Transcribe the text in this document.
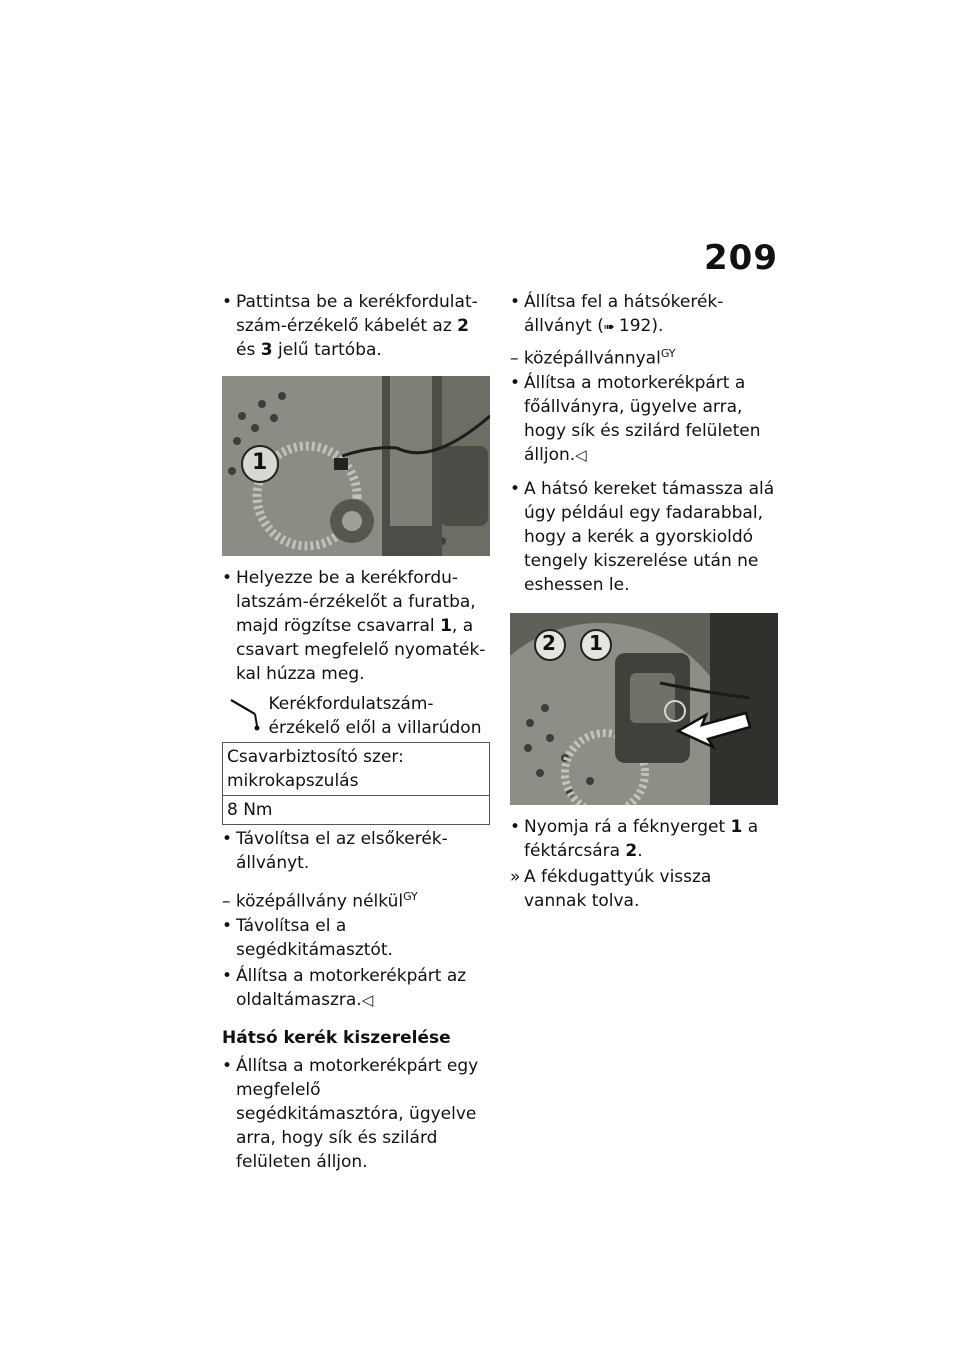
209
• Pattintsa be a kerékfordulat-
szám-érzékelő kábelét az 2
és 3 jelű tartóba.
1
• Helyezze be a kerékfordu-
latszám-érzékelőt a furatba,
majd rögzítse csavarral 1, a
csavart megfelelő nyomaték-
kal húzza meg.
Kerékfordulatszám-érzékelő elől a villarúdon

Csavarbiztosító szer: mikrokapszulás
8 Nm
• Távolítsa el az elsőkerék-állványt.
– középállvány nélkül$^{GY}$
• Távolítsa el a segédkitámasztót.
• Állítsa a motorkerékpárt az oldaltámaszra.◁
Hátsó kerék kiszerelése
• Állítsa a motorkerékpárt egy megfelelő segédkitámasztóra, ügyelve arra, hogy sík és szilárd felületen álljon.
• Állítsa fel a hátsókerék-állványt (➠ 192).
– középállvánnyal$^{GY}$
• Állítsa a motorkerékpárt a főállványra, ügyelve arra, hogy sík és szilárd felületen álljon.◁
• A hátsó kereket támassza alá úgy például egy fadarabbal, hogy a kerék a gyorskioldó tengely kiszerelése után ne eshessen le.
2 1
• Nyomja rá a féknyerget 1 a féktárcsára 2.
» A fékdugattyúk vissza vannak tolva.
